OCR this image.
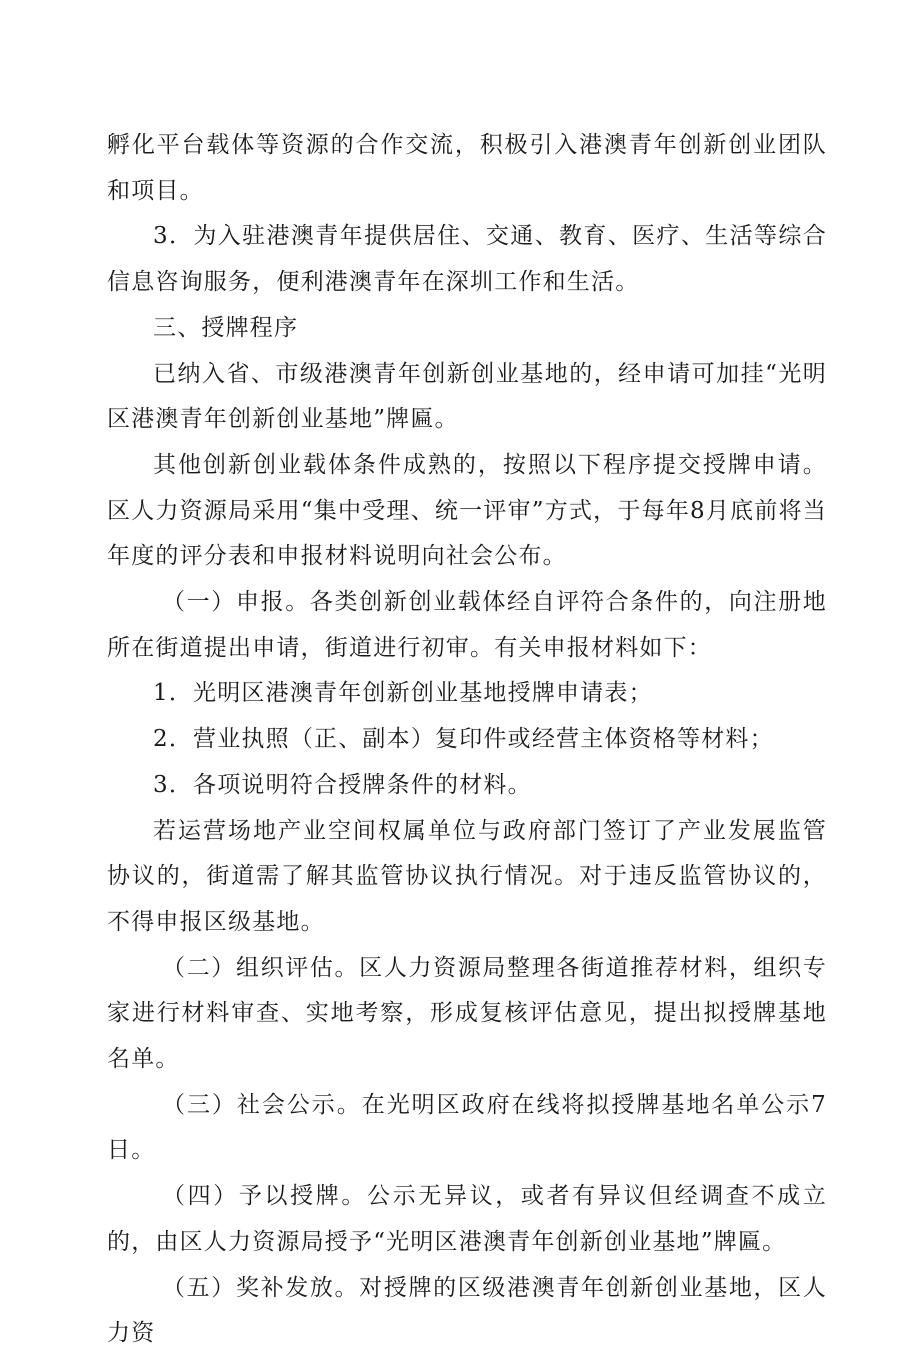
孵化平台载体等资源的合作交流，积极引入港澳青年创新创业团队和项目。

3．为入驻港澳青年提供居住、交通、教育、医疗、生活等综合信息咨询服务，便利港澳青年在深圳工作和生活。

三、授牌程序

已纳入省、市级港澳青年创新创业基地的，经申请可加挂“光明区港澳青年创新创业基地”牌匾。

其他创新创业载体条件成熟的，按照以下程序提交授牌申请。区人力资源局采用“集中受理、统一评审”方式，于每年8月底前将当年度的评分表和申报材料说明向社会公布。

（一）申报。各类创新创业载体经自评符合条件的，向注册地所在街道提出申请，街道进行初审。有关申报材料如下：

1．光明区港澳青年创新创业基地授牌申请表；

2．营业执照（正、副本）复印件或经营主体资格等材料；

3．各项说明符合授牌条件的材料。

若运营场地产业空间权属单位与政府部门签订了产业发展监管协议的，街道需了解其监管协议执行情况。对于违反监管协议的，不得申报区级基地。

（二）组织评估。区人力资源局整理各街道推荐材料，组织专家进行材料审查、实地考察，形成复核评估意见，提出拟授牌基地名单。

（三）社会公示。在光明区政府在线将拟授牌基地名单公示7日。

（四）予以授牌。公示无异议，或者有异议但经调查不成立的，由区人力资源局授予“光明区港澳青年创新创业基地”牌匾。

（五）奖补发放。对授牌的区级港澳青年创新创业基地，区人力资
